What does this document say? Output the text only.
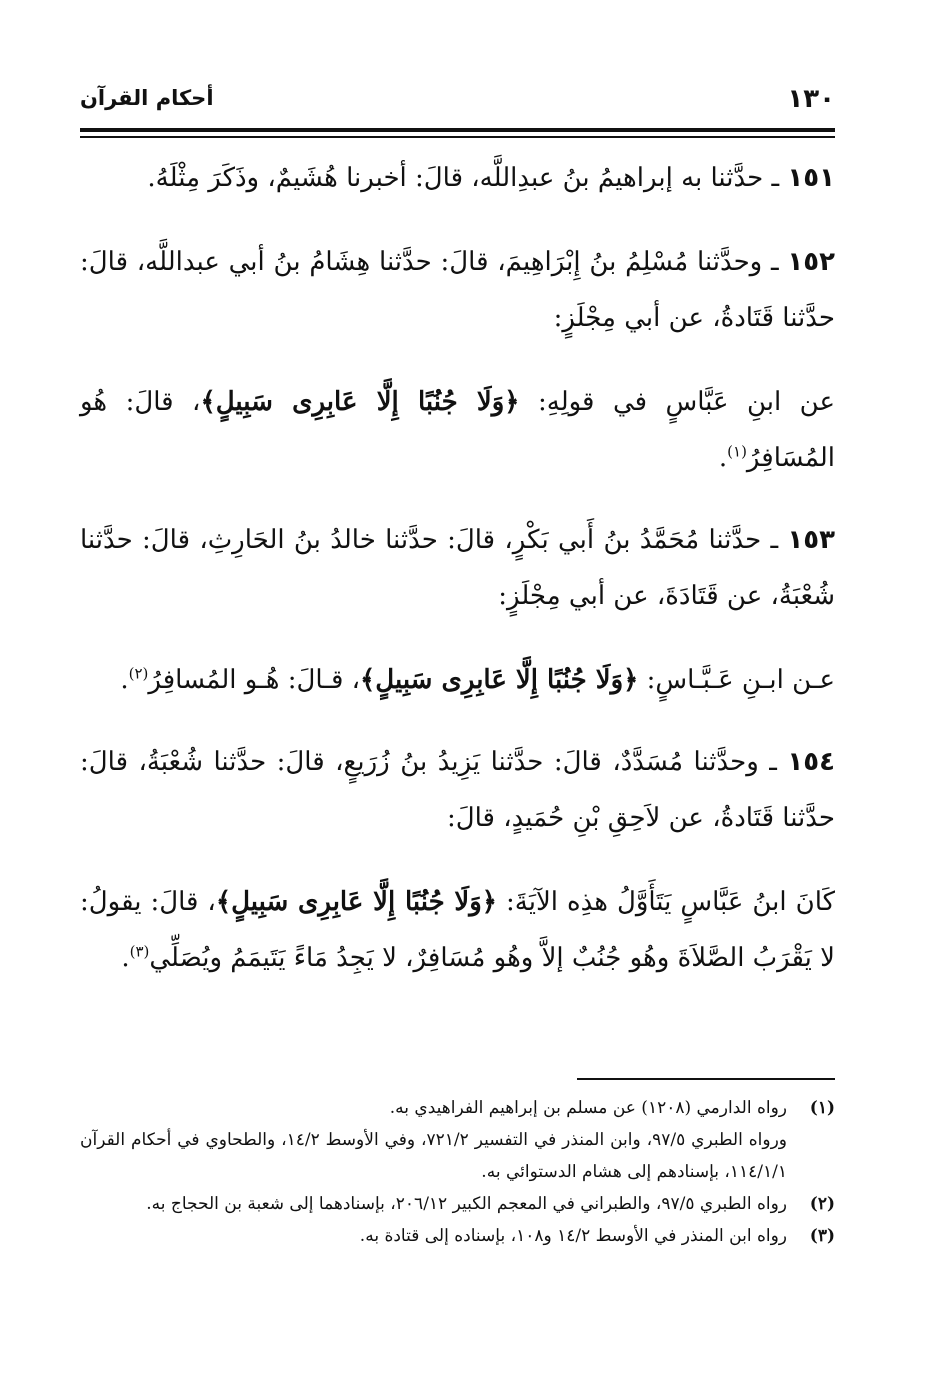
١٣٠
أحكام القرآن

١٥١ ـ حدَّثنا به إبراهيمُ بنُ عبدِاللَّه، قالَ: أخبرنا هُشَيمٌ، وذَكَرَ مِثْلَهُ.

١٥٢ ـ وحدَّثنا مُسْلِمُ بنُ إِبْرَاهِيمَ، قالَ: حدَّثنا هِشَامُ بنُ أبي عبداللَّه، قالَ: حدَّثنا قَتَادةُ، عن أبي مِجْلَزٍ:

عن ابنِ عَبَّاسٍ في قولِهِ: ﴿وَلَا جُنُبًا إِلَّا عَابِرِى سَبِيلٍ﴾، قالَ: هُو المُسَافِرُ$^{(١)}$.

١٥٣ ـ حدَّثنا مُحَمَّدُ بنُ أَبي بَكْرٍ، قالَ: حدَّثنا خالدُ بنُ الحَارِثِ، قالَ: حدَّثنا شُعْبَةُ، عن قَتَادَةَ، عن أبي مِجْلَزٍ:

عـن ابـنِ عَـبَّـاسٍ: ﴿وَلَا جُنُبًا إِلَّا عَابِرِى سَبِيلٍ﴾، قـالَ: هُـو المُسافِرُ$^{(٢)}$.

١٥٤ ـ وحدَّثنا مُسَدَّدٌ، قالَ: حدَّثنا يَزِيدُ بنُ زُرَيعٍ، قالَ: حدَّثنا شُعْبَةُ، قالَ: حدَّثنا قَتَادةُ، عن لاَحِقِ بْنِ حُمَيدٍ، قالَ:

كَانَ ابنُ عَبَّاسٍ يَتَأَوَّلُ هذِه الآيَةَ: ﴿وَلَا جُنُبًا إِلَّا عَابِرِى سَبِيلٍ﴾، قالَ: يقولُ: لا يَقْرَبُ الصَّلاَةَ وهُو جُنُبٌ إلاَّ وهُو مُسَافِرٌ، لا يَجِدُ مَاءً يَتَيمَمُ ويُصَلِّي$^{(٣)}$.

(١)
رواه الدارمي (١٢٠٨) عن مسلم بن إبراهيم الفراهيدي به.
ورواه الطبري ٩٧/٥، وابن المنذر في التفسير ٧٢١/٢، وفي الأوسط ١٤/٢، والطحاوي في أحكام القرآن ١١٤/١/١، بإسنادهم إلى هشام الدستوائي به.

(٢)
رواه الطبري ٩٧/٥، والطبراني في المعجم الكبير ٢٠٦/١٢، بإسنادهما إلى شعبة بن الحجاج به.

(٣)
رواه ابن المنذر في الأوسط ١٤/٢ و١٠٨، بإسناده إلى قتادة به.
